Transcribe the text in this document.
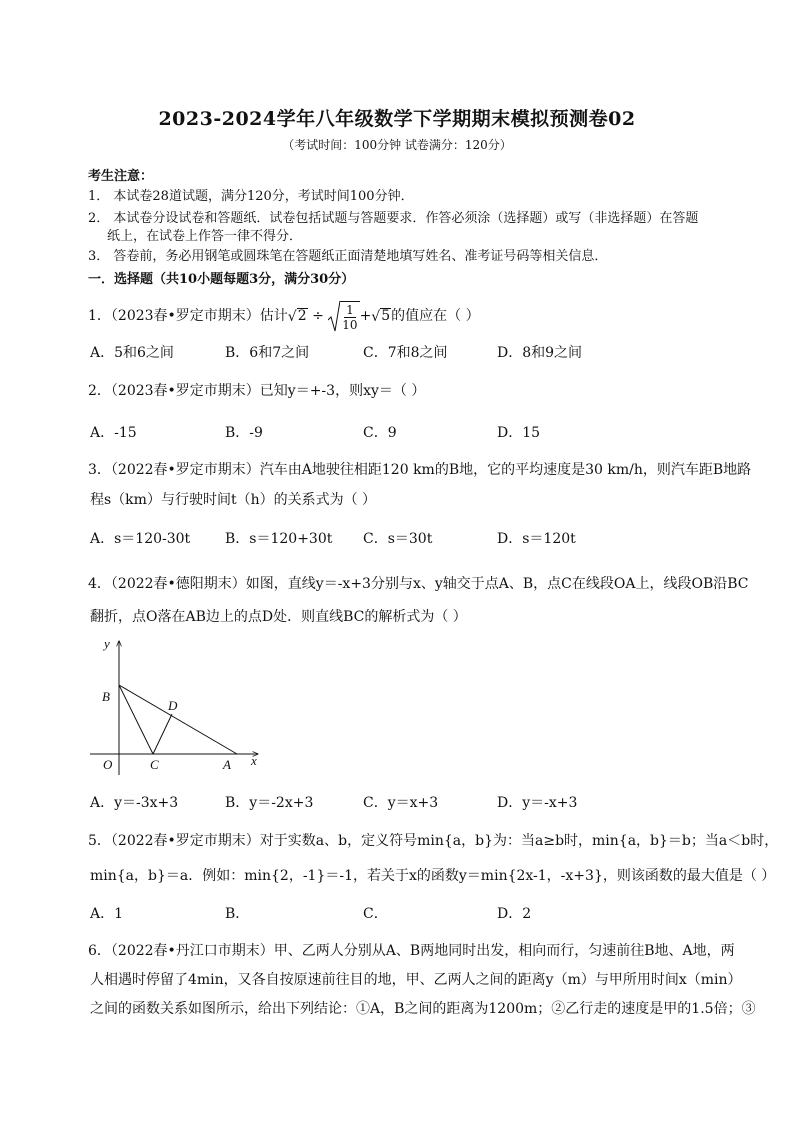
2023-2024学年八年级数学下学期期末模拟预测卷02
（考试时间：100分钟 试卷满分：120分）
考生注意：
1． 本试卷28道试题，满分120分，考试时间100分钟．
2． 本试卷分设试卷和答题纸．试卷包括试题与答题要求．作答必须涂（选择题）或写（非选择题）在答题
纸上，在试卷上作答一律不得分．
3． 答卷前，务必用钢笔或圆珠笔在答题纸正面清楚地填写姓名、准考证号码等相关信息．
一．选择题（共10小题每题3分，满分30分）
1．（2023春•罗定市期末）估计 √ $2 \div \frac{1}{10}$ + √ 5 的值应在（ ）
A．5和6之间	B．6和7之间	C．7和8之间	D．8和9之间
2．（2023春•罗定市期末）已知y＝+-3，则xy＝（ ）
A．-15	B．-9	C．9	D．15
3．（2022春•罗定市期末）汽车由A地驶往相距120 km的B地，它的平均速度是30 km/h，则汽车距B地路
程s（km）与行驶时间t（h）的关系式为（ ）
A．s＝120-30t B．s＝120+30t C．s＝30t	D．s＝120t
4．（2022春•德阳期末）如图，直线y＝-x+3分别与x、y轴交于点A、B，点C在线段OA上，线段OB沿BC
翻折，点O落在AB边上的点D处．则直线BC的解析式为（ ）
y
x
B
D
O	C	A
A．y＝-3x+3	B．y＝-2x+3	C．y＝x+3	D．y＝-x+3
5．（2022春•罗定市期末）对于实数a、b，定义符号min{a，b}为：当a≥b时，min{a，b}＝b；当a＜b时，
min{a，b}＝a．例如：min{2，-1}＝-1，若关于x的函数y＝min{2x-1，-x+3}，则该函数的最大值是（ ）
A．1	B．	C．	D．2
6．（2022春•丹江口市期末）甲、乙两人分别从A、B两地同时出发，相向而行，匀速前往B地、A地，两
人相遇时停留了4min，又各自按原速前往目的地，甲、乙两人之间的距离y（m）与甲所用时间x（min）
之间的函数关系如图所示，给出下列结论：①A，B之间的距离为1200m；②乙行走的速度是甲的1.5倍；③
